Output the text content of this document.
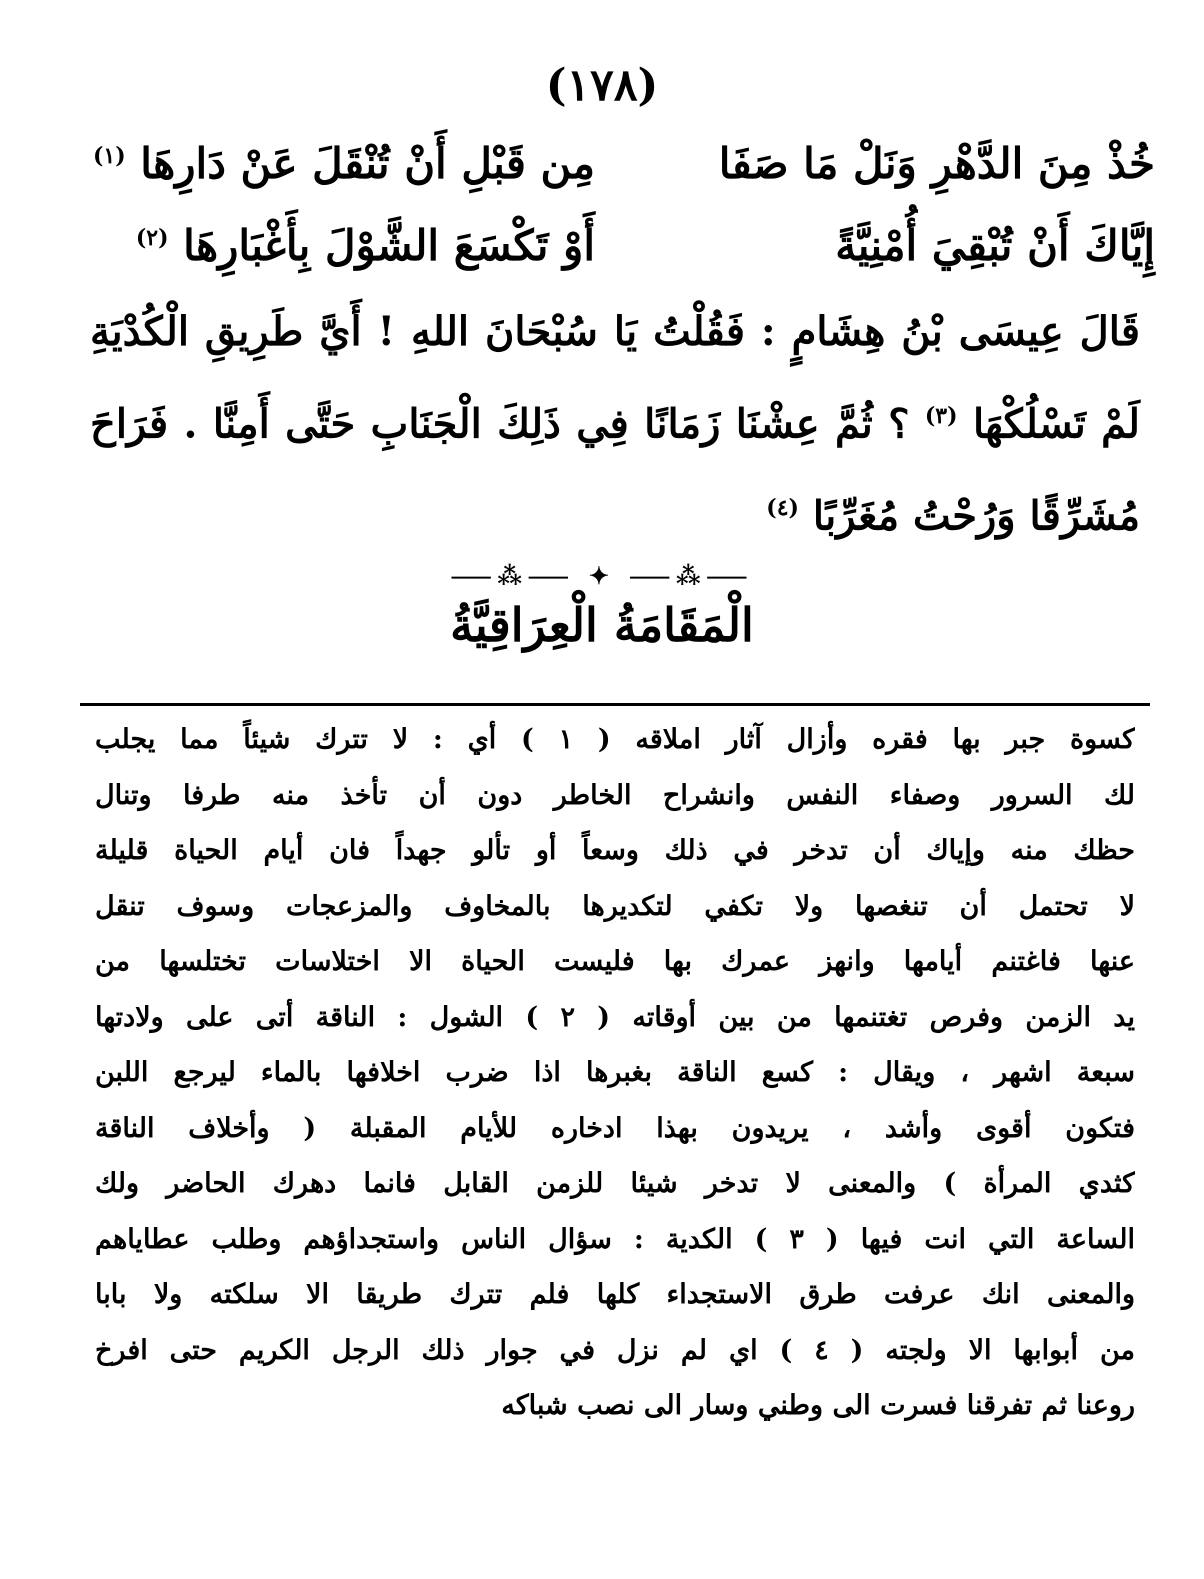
(١٧٨)
خُذْ مِنَ الدَّهْرِ وَنَلْ مَا صَفَا
مِن قَبْلِ أَنْ تُنْقَلَ عَنْ دَارِهَا $^{(١)}$
إِيَّاكَ أَنْ تُبْقِيَ أُمْنِيَّةً
أَوْ تَكْسَعَ الشَّوْلَ بِأَغْبَارِهَا $^{(٢)}$
قَالَ عِيسَى بْنُ هِشَامٍ : فَقُلْتُ يَا سُبْحَانَ اللهِ ! أَيَّ طَرِيقِ الْكُدْيَةِ لَمْ تَسْلُكْهَا $^{(٣)}$ ؟ ثُمَّ عِشْنَا زَمَانًا فِي ذَلِكَ الْجَنَابِ حَتَّى أَمِنَّا . فَرَاحَ مُشَرِّقًا وَرُحْتُ مُغَرِّبًا $^{(٤)}$
⸺⁂⸺ ✦ ⸺⁂⸺
الْمَقَامَةُ الْعِرَاقِيَّةُ
كسوة جبر بها فقره وأزال آثار املاقه ( ١ ) أي : لا تترك شيئاً مما يجلب
لك السرور وصفاء النفس وانشراح الخاطر دون أن تأخذ منه طرفا وتنال
حظك منه وإياك أن تدخر في ذلك وسعاً أو تألو جهداً فان أيام الحياة قليلة
لا تحتمل أن تنغصها ولا تكفي لتكديرها بالمخاوف والمزعجات وسوف تنقل
عنها فاغتنم أيامها وانهز عمرك بها فليست الحياة الا اختلاسات تختلسها من
يد الزمن وفرص تغتنمها من بين أوقاته ( ٢ ) الشول : الناقة أتى على ولادتها
سبعة اشهر ، ويقال : كسع الناقة بغبرها اذا ضرب اخلافها بالماء ليرجع اللبن
فتكون أقوى وأشد ، يريدون بهذا ادخاره للأيام المقبلة ( وأخلاف الناقة
كثدي المرأة ) والمعنى لا تدخر شيئا للزمن القابل فانما دهرك الحاضر ولك
الساعة التي انت فيها ( ٣ ) الكدية : سؤال الناس واستجداؤهم وطلب عطاياهم
والمعنى انك عرفت طرق الاستجداء كلها فلم تترك طريقا الا سلكته ولا بابا
من أبوابها الا ولجته ( ٤ ) اي لم نزل في جوار ذلك الرجل الكريم حتى افرخ
روعنا ثم تفرقنا فسرت الى وطني وسار الى نصب شباكه
